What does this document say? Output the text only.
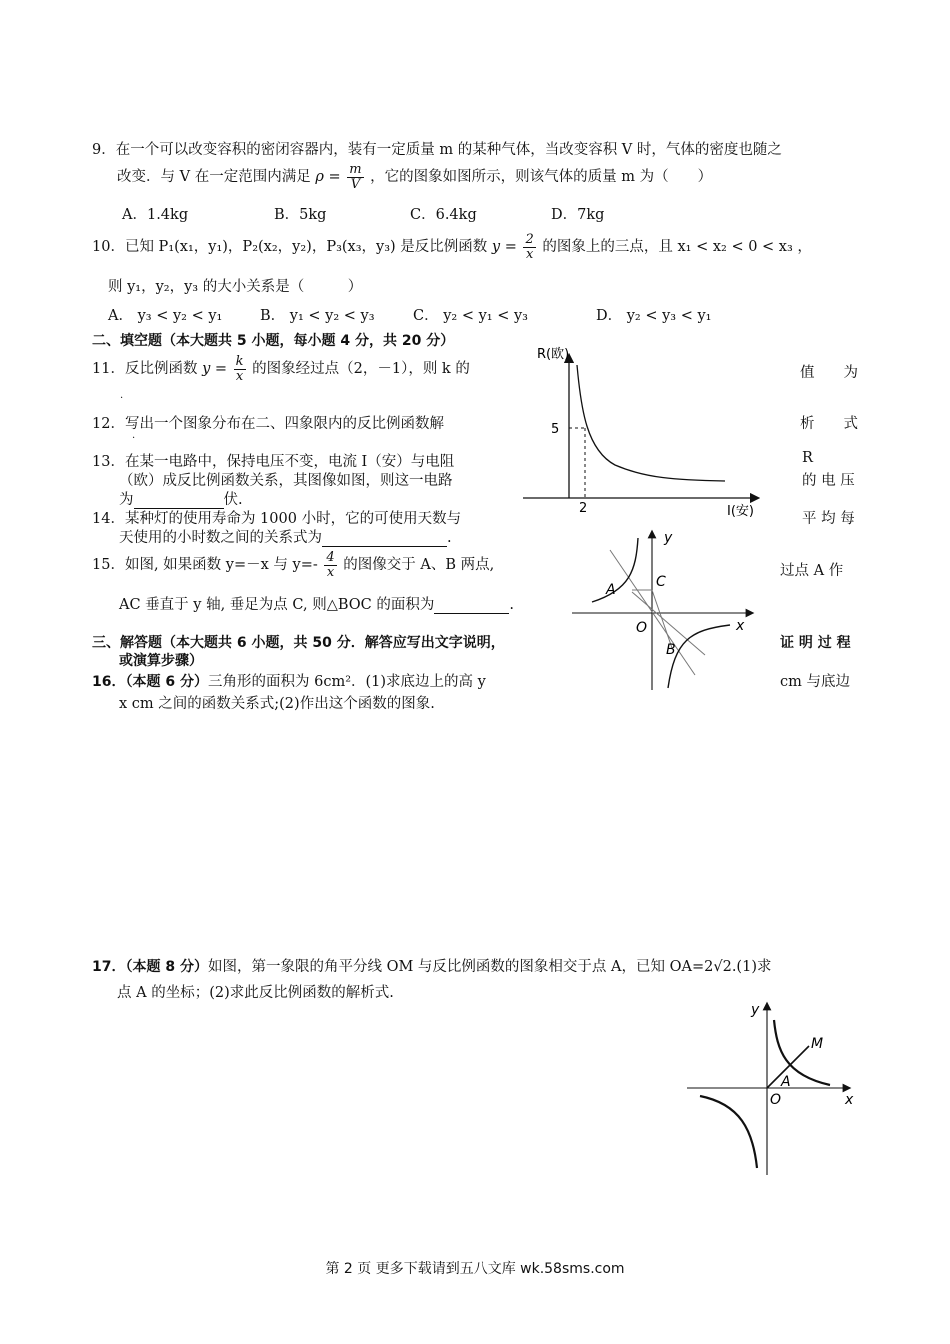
9．在一个可以改变容积的密闭容器内，装有一定质量 m 的某种气体，当改变容积 V 时，气体的密度也随之
改变．与 V 在一定范围内满足 $\rho = \frac{m}{V}$ ，它的图象如图所示，则该气体的质量 m 为（　　）
A．1.4kg	B．5kg	C．6.4kg	D．7kg
10．已知 P₁(x₁，y₁)，P₂(x₂，y₂)，P₃(x₃，y₃) 是反比例函数 $y = \frac{2}{x}$ 的图象上的三点，且 x₁ < x₂ < 0 < x₃ ，
则 y₁，y₂，y₃ 的大小关系是（　　　）
A． y₃ < y₂ < y₁	B． y₁ < y₂ < y₃	C． y₂ < y₁ < y₃	D． y₂ < y₃ < y₁
二、填空题（本大题共 5 小题，每小题 4 分，共 20 分）
11．反比例函数 $y = \frac{k}{x}$ 的图象经过点（2，－1），则 k 的	值　　为
.
12．写出一个图象分布在二、四象限内的反比例函数解	析　　式
.
13．在某一电路中，保持电压不变，电流 I（安）与电阻	R
（欧）成反比例函数关系，其图像如图，则这一电路	的 电 压
为	伏.
14．某种灯的使用寿命为 1000 小时，它的可使用天数与	平 均 每
天使用的小时数之间的关系式为	.
15．如图, 如果函数 y=－x 与 $y=- \frac{4}{x}$ 的图像交于 A、B 两点,	过点 A 作
AC 垂直于 y 轴, 垂足为点 C, 则△BOC 的面积为	.
三、解答题（本大题共 6 小题，共 50 分．解答应写出文字说明，	证 明 过 程
或演算步骤）
16．（本题 6 分）三角形的面积为 6cm²．(1)求底边上的高 y	cm 与底边
x cm 之间的函数关系式;(2)作出这个函数的图象.
17．（本题 8 分）如图，第一象限的角平分线 OM 与反比例函数的图象相交于点 A，已知 OA=2√2.(1)求
点 A 的坐标；(2)求此反比例函数的解析式.
R(欧)
I(安)
5
2
y
x
A	C
O
B
y
x
M
A
O
第 2 页 更多下载请到五八文库 wk.58sms.com
